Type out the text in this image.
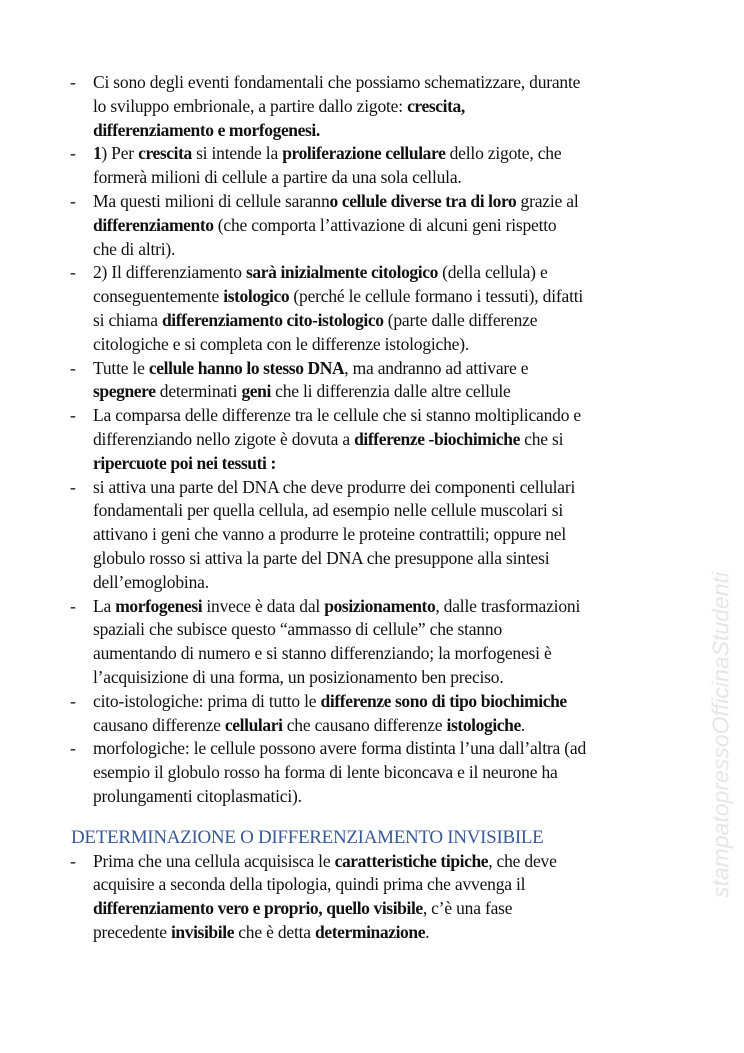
- Ci sono degli eventi fondamentali che possiamo schematizzare, durante
lo sviluppo embrionale, a partire dallo zigote: crescita,
differenziamento e morfogenesi.
- 1) Per crescita si intende la proliferazione cellulare dello zigote, che
formerà milioni di cellule a partire da una sola cellula.
- Ma questi milioni di cellule saranno cellule diverse tra di loro grazie al
differenziamento (che comporta l’attivazione di alcuni geni rispetto
che di altri).
- 2) Il differenziamento sarà inizialmente citologico (della cellula) e
conseguentemente istologico (perché le cellule formano i tessuti), difatti
si chiama differenziamento cito-istologico (parte dalle differenze
citologiche e si completa con le differenze istologiche).
- Tutte le cellule hanno lo stesso DNA, ma andranno ad attivare e
spegnere determinati geni che li differenzia dalle altre cellule
- La comparsa delle differenze tra le cellule che si stanno moltiplicando e
differenziando nello zigote è dovuta a differenze -biochimiche che si
ripercuote poi nei tessuti :
- si attiva una parte del DNA che deve produrre dei componenti cellulari
fondamentali per quella cellula, ad esempio nelle cellule muscolari si
attivano i geni che vanno a produrre le proteine contrattili; oppure nel
globulo rosso si attiva la parte del DNA che presuppone alla sintesi
dell’emoglobina.
- La morfogenesi invece è data dal posizionamento, dalle trasformazioni
spaziali che subisce questo “ammasso di cellule” che stanno
aumentando di numero e si stanno differenziando; la morfogenesi è
l’acquisizione di una forma, un posizionamento ben preciso.
- cito-istologiche: prima di tutto le differenze sono di tipo biochimiche
causano differenze cellulari che causano differenze istologiche.
- morfologiche: le cellule possono avere forma distinta l’una dall’altra (ad
esempio il globulo rosso ha forma di lente biconcava e il neurone ha
prolungamenti citoplasmatici).
DETERMINAZIONE O DIFFERENZIAMENTO INVISIBILE
- Prima che una cellula acquisisca le caratteristiche tipiche, che deve
acquisire a seconda della tipologia, quindi prima che avvenga il
differenziamento vero e proprio, quello visibile, c’è una fase
precedente invisibile che è detta determinazione.
stampatopressoOfficinaStudenti
